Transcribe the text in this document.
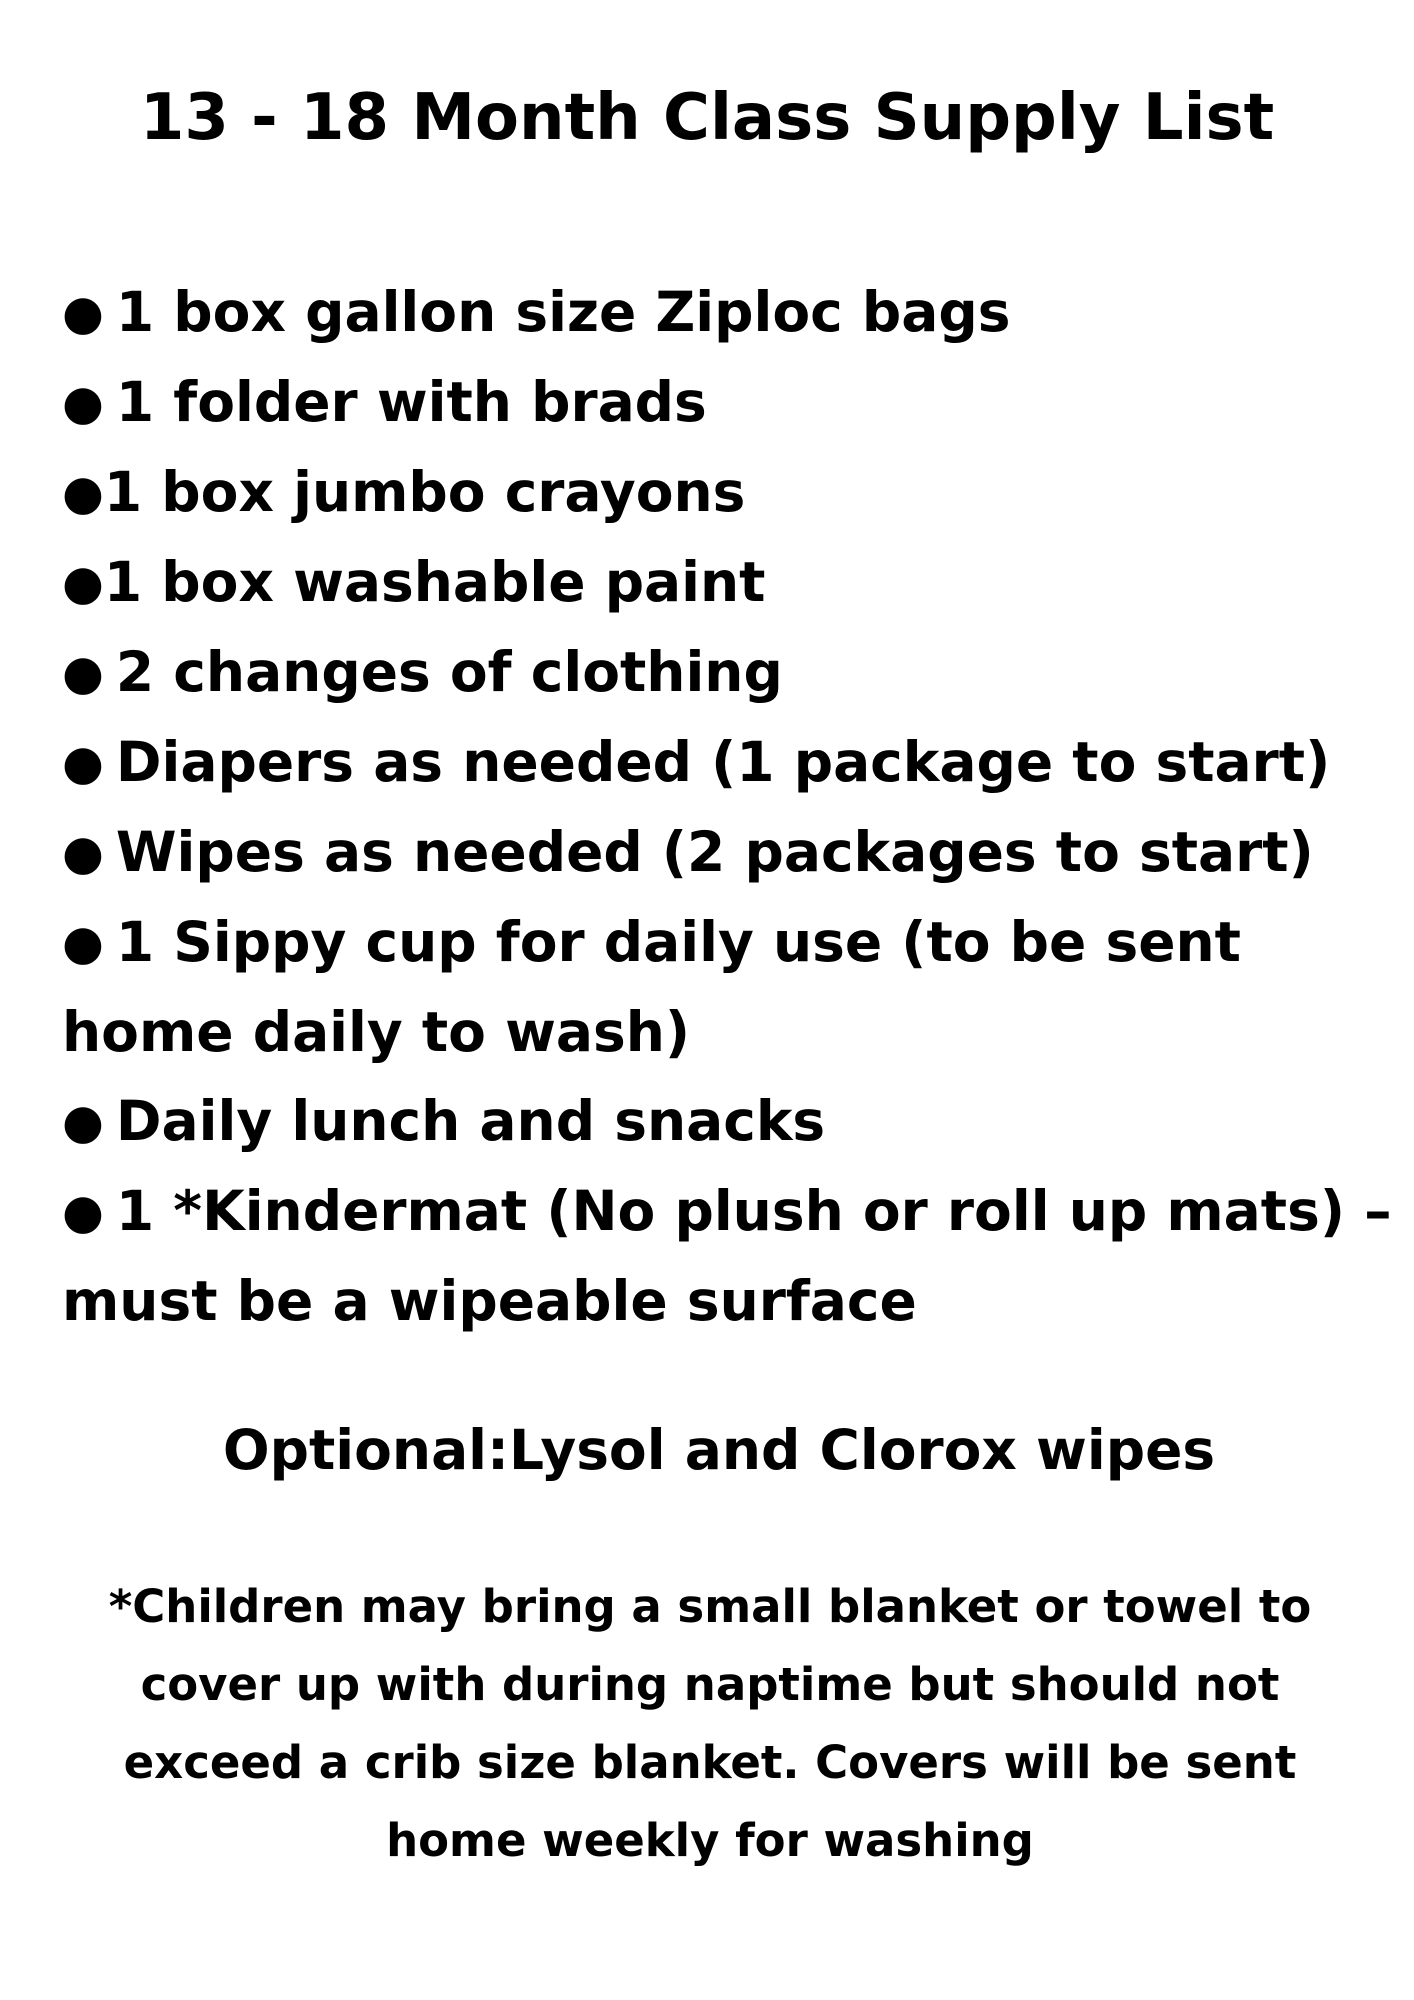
13 - 18 Month Class Supply List
● 1 box gallon size Ziploc bags
● 1 folder with brads
●1 box jumbo crayons
●1 box washable paint
● 2 changes of clothing
● Diapers as needed (1 package to start)
● Wipes as needed (2 packages to start)
● 1 Sippy cup for daily use (to be sent home daily to wash)
● Daily lunch and snacks
● 1 *Kindermat (No plush or roll up mats) – must be a wipeable surface

Optional:Lysol and Clorox wipes

*Children may bring a small blanket or towel to cover up with during naptime but should not exceed a crib size blanket. Covers will be sent home weekly for washing
